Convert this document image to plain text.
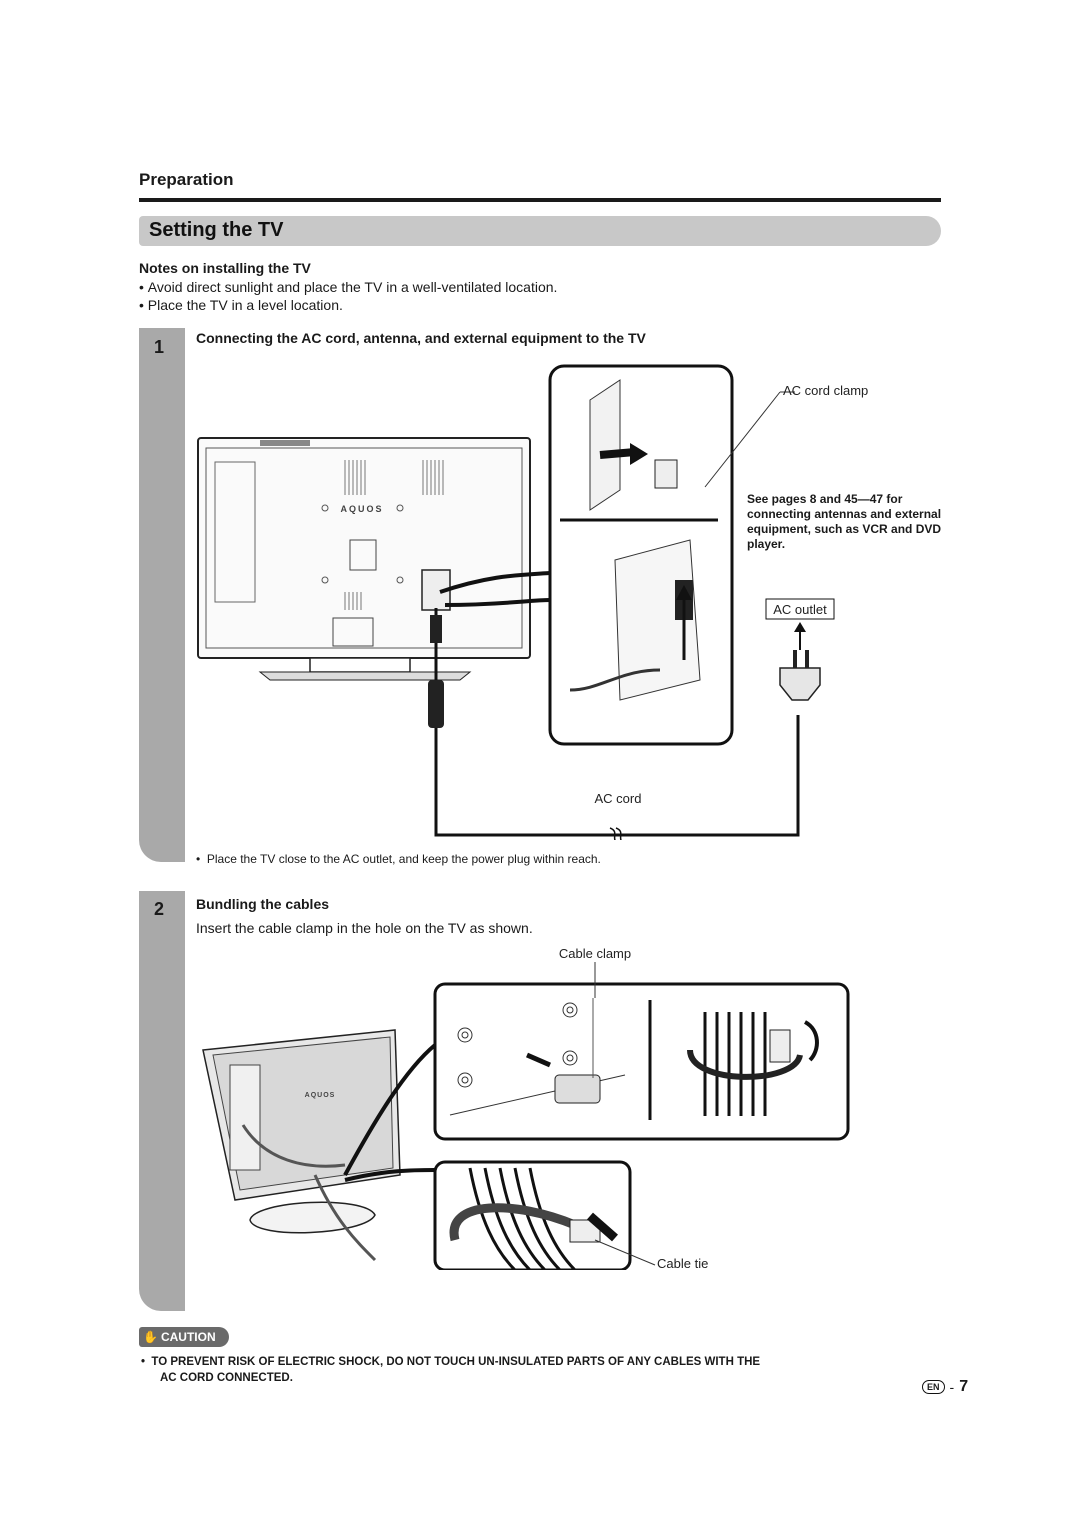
Preparation
Setting the TV
Notes on installing the TV
• Avoid direct sunlight and place the TV in a well-ventilated location.
• Place the TV in a level location.
1 Connecting the AC cord, antenna, and external equipment to the TV
AQUOS
AC cord clamp
AC outlet
AC cord
See pages 8 and 45—47 for connecting antennas and external equipment, such as VCR and DVD player.
• Place the TV close to the AC outlet, and keep the power plug within reach.
2 Bundling the cables
Insert the cable clamp in the hole on the TV as shown.
AQUOS
Cable clamp
Cable tie
✋ CAUTION
• TO PREVENT RISK OF ELECTRIC SHOCK, DO NOT TOUCH UN-INSULATED PARTS OF ANY CABLES WITH THE
AC CORD CONNECTED.
EN - 7
